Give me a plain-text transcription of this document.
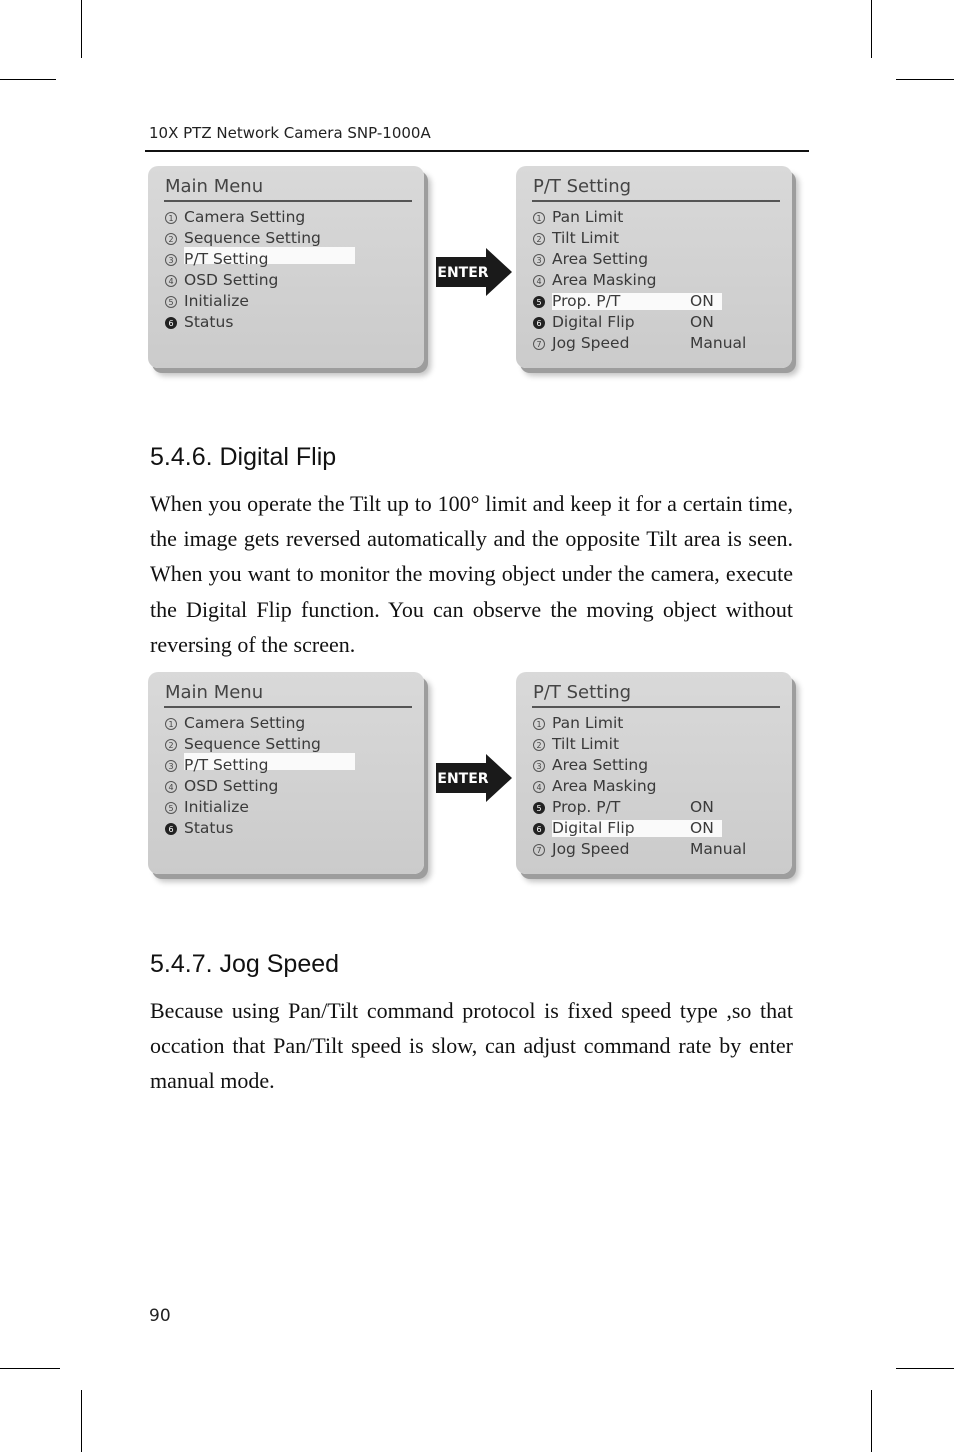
10X PTZ Network Camera SNP-1000A
Main Menu
1 Camera Setting
2 Sequence Setting
3 P/T Setting
4 OSD Setting
5 Initialize
6 Status
ENTER
P/T Setting
1 Pan Limit
2 Tilt Limit
3 Area Setting
4 Area Masking
5 Prop. P/T	ON
6 Digital Flip	ON
7 Jog Speed	Manual
5.4.6. Digital Flip
When you operate the Tilt up to 100° limit and keep it for a certain time, the image gets reversed automatically and the opposite Tilt area is seen. When you want to monitor the moving object under the camera, execute the Digital Flip function. You can observe the moving object without reversing of the screen.
Main Menu
1 Camera Setting
2 Sequence Setting
3 P/T Setting
4 OSD Setting
5 Initialize
6 Status
ENTER
P/T Setting
1 Pan Limit
2 Tilt Limit
3 Area Setting
4 Area Masking
5 Prop. P/T	ON
6 Digital Flip	ON
7 Jog Speed	Manual
5.4.7. Jog Speed
Because using Pan/Tilt command protocol is fixed speed type ,so that occation that Pan/Tilt speed is slow, can adjust command rate by enter manual mode.
90
